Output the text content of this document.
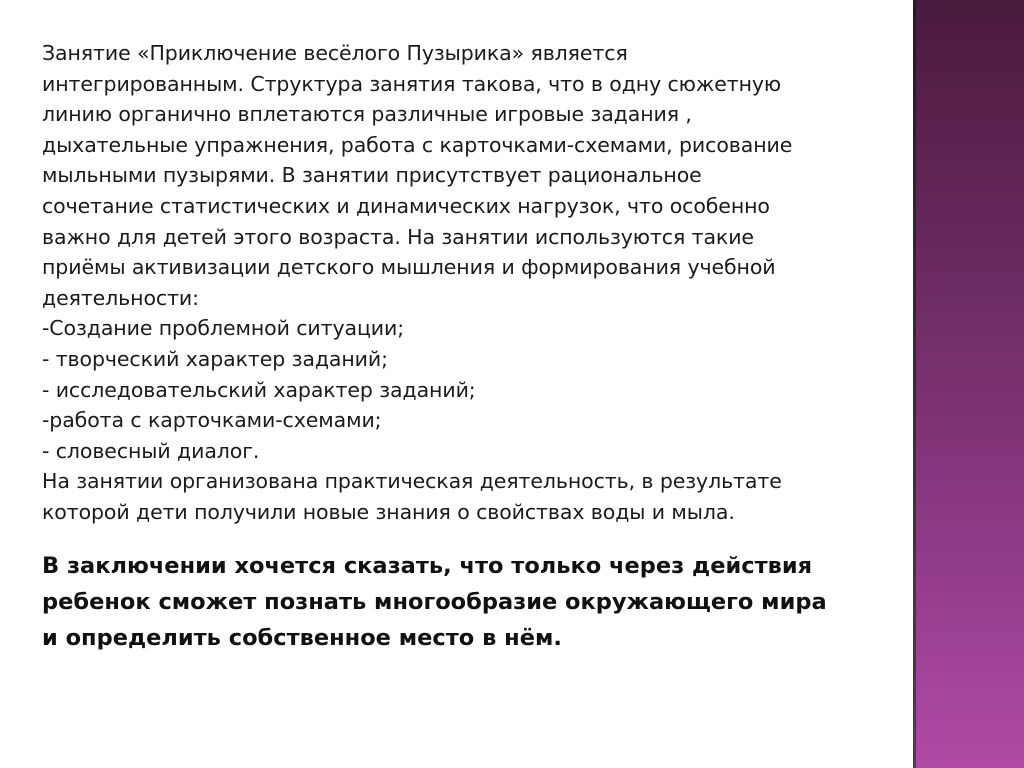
Занятие «Приключение весёлого Пузырика» является
интегрированным. Структура занятия такова, что в одну сюжетную
линию органично вплетаются различные игровые задания ,
дыхательные упражнения, работа с карточками-схемами, рисование
мыльными пузырями. В занятии присутствует рациональное
сочетание статистических и динамических нагрузок, что особенно
важно для детей этого возраста. На занятии используются такие
приёмы активизации детского мышления и формирования учебной
деятельности:
-Создание проблемной ситуации;
- творческий характер заданий;
- исследовательский характер заданий;
-работа с карточками-схемами;
- словесный диалог.
На занятии организована практическая деятельность, в результате
которой дети получили новые знания о свойствах воды и мыла.

В заключении хочется сказать, что только через действия
ребенок сможет познать многообразие окружающего мира
и определить собственное место в нём.
